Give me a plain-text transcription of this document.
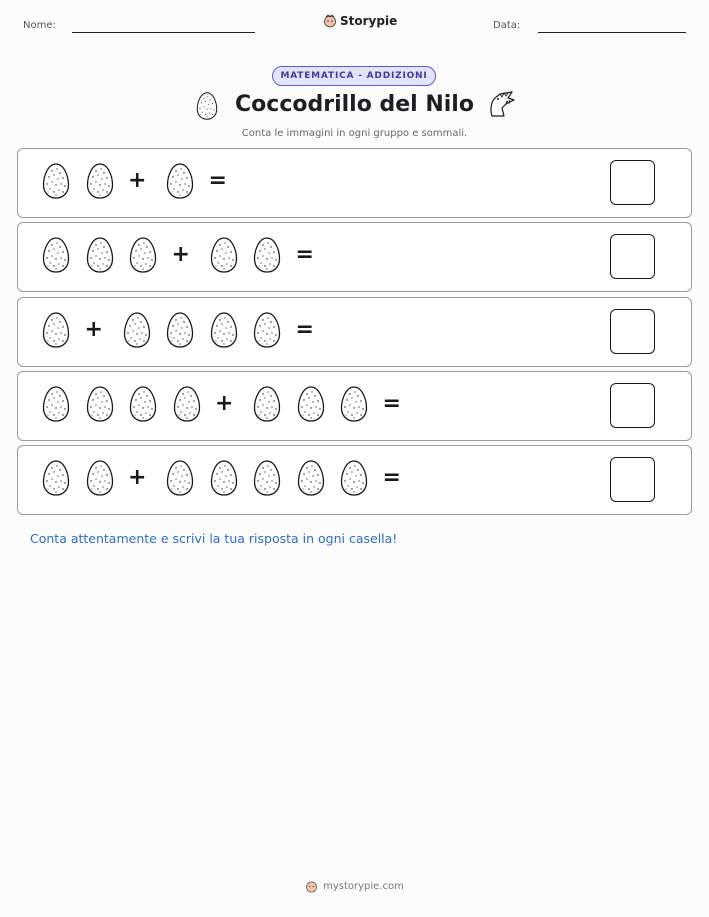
Nome:	Storypie	Data:
MATEMATICA - ADDIZIONI
Coccodrillo del Nilo
Conta le immagini in ogni gruppo e sommali.
+	=
+	=
+	=
+	=
+	=
Conta attentamente e scrivi la tua risposta in ogni casella!
mystorypie.com
